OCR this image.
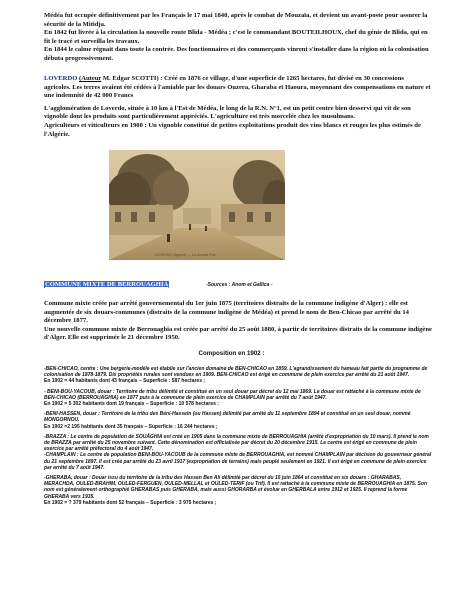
Médéa fut occupée définitivement par les Français le 17 mai 1840, après le combat de Mouzaïa, et devient un avant-poste pour assurer la sécurité de la Mitidja.

En 1842 fut livrée à la circulation la nouvelle route Blida - Médéa ; c'est le commandant BOUTEILHOUX, chef du génie de Blida, qui en fit le tracé et surveilla les travaux.

En 1844 le calme régnait dans toute la contrée. Des fonctionnaires et des commerçants vinrent s'installer dans la région où la colonisation débuta progressivement.

LOVERDO (Auteur M. Edgar SCOTTI) : Créé en 1876 ce village, d'une superficie de 1265 hectares, fut divisé en 30 concessions agricoles. Les terres avaient été cédées à l'amiable par les douars Ouzera, Gharaba et Haoura, moyennant des compensations en nature et une indemnité de 42 000 Francs

L'agglomération de Loverdo, située à 10 km à l'Est de Médéa, le long de la R.N. N°1, est un petit centre bien desservi qui vit de son vignoble dont les produits sont particulièrement appréciés. L'agriculture est très morcelée chez les musulmans.

Agriculteurs et viticulteurs en 1900 : Un vignoble constitué de petites exploitations produit des vins blancs et rouges les plus estimés de l'Algérie.

LOVERDO (Algérie) — La Grande Rue
COMMUNE MIXTE DE BERROUAGHIA	-Sources : Anom et Gallica -

Commune mixte créée par arrêté gouvernemental du 1er juin 1875 (territoires distraits de la commune indigène d'Alger) : elle est augmentée de six douars-communes (distraits de la commune indigène de Médéa) et prend le nom de Ben-Chicao par arrêté du 14 décembre 1877.

Une nouvelle commune mixte de Berrouaghia est créée par arrêté du 25 août 1880, à partir de territoires distraits de la commune indigène d'Alger. Elle est supprimée le 21 décembre 1950.

Composition en 1902 :

-BEN-CHICAO, centre : Une bergerie-modèle est établie sur l'ancien domaine de BEN-CHICAO en 1859. L'agrandissement du hameau fait partie du programme de colonisation de 1878-1879. Dix propriétés rurales sont vendues en 1909. BEN-CHICAO est érigé en commune de plein exercice par arrêté du 21 août 1947.

En 1902 = 44 habitants dont 43 français – Superficie : 587 hectares ;

- BENI-BOU-YACOUB, douar : Territoire de tribu délimité et constitué en un seul douar par décret du 12 mai 1869. Le douar est rattaché à la commune mixte de BEN-CHICAO (BERROUAGHIA) en 1877 puis à la commune de plein exercice de CHAMPLAIN par arrêté du 7 août 1947.

En 1902 = 5 302 habitants dont 19 français – Superficie : 10 578 hectares ;

-BENI-HASSEN, douar : Territoire de la tribu des Béni-Hassein (ou Hassen) délimité par arrêté du 11 septembre 1894 et constitué en un seul douar, nommé MONGORNOU.

En 1902 =2 195 habitants dont 35 français – Superficie : 16 244 hectares ;

-BRAZZA : Le centre de population de SOUÂGHIA est créé en 1905 dans la commune mixte de BERROUAGHIA (arrêté d'expropriation du 10 mars). Il prend le nom de BRAZZA par arrêté du 25 novembre suivant. Cette dénomination est officialisée par décret du 20 décembre 1915. Le centre est érigé en commune de plein exercice par arrêté préfectoral du 4 août 1947.

-CHAMPLAIN : Le centre de population BENI-BOU-YACOUB de la commune mixte de BERROUAGHIA, est nommé CHAMPLAIN par décision du gouverneur général du 21 septembre 1897. Il est créé par arrêté du 23 avril 1917 (expropriation de terrains) mais peuplé seulement en 1921. Il est érigé en commune de plein exercice par arrêté du 7 août 1947.

-GHERABA, douar : Douar issu du territoire de la tribu des Hassen Ben Ali délimité par décret du 15 juin 1864 et constitué en six douars : GHARABAS, MERACHDA, OULED-BRAHIM, OULED-FERGUEN, OULED-MELLAL et OULED-TERIF (ou Trif). Il est rattaché à la commune mixte de BERROUAGHIA en 1875. Son nom est généralement orthographié GHERABAS puis GHERABA, mais aussi GHORARBA et évolue en GHERBALA entre 1912 et 1925. Il reprend la forme GHERABA vers 1935.

En 1902 = ? 379 habitants dont 52 français – Superficie : 3 975 hectares ;
